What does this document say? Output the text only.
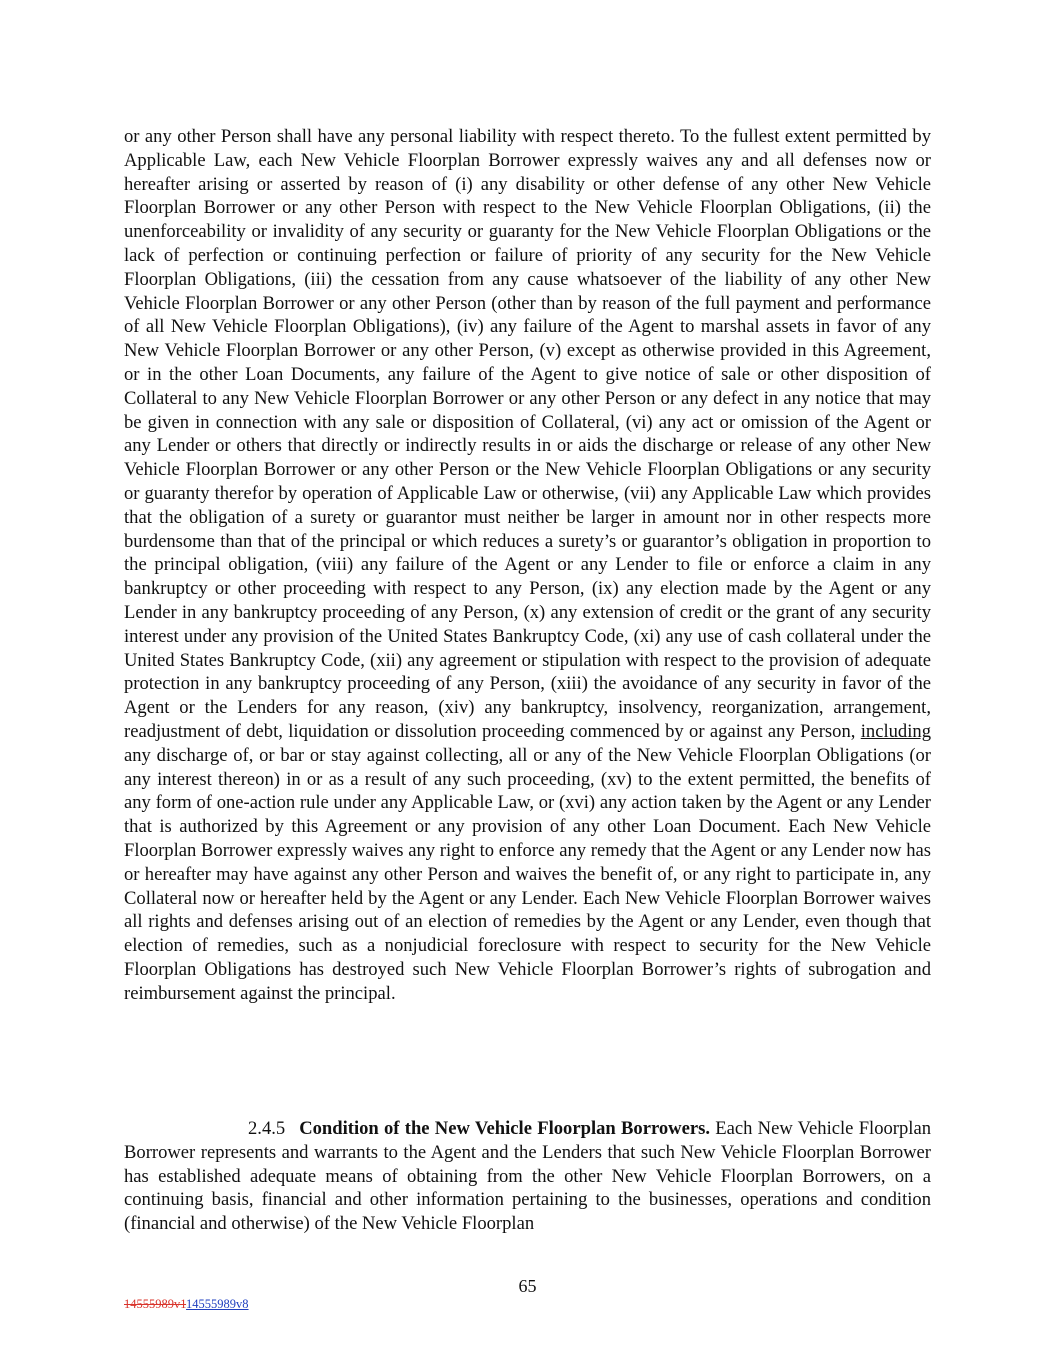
or any other Person shall have any personal liability with respect thereto. To the fullest extent permitted by Applicable Law, each New Vehicle Floorplan Borrower expressly waives any and all defenses now or hereafter arising or asserted by reason of (i) any disability or other defense of any other New Vehicle Floorplan Borrower or any other Person with respect to the New Vehicle Floorplan Obligations, (ii) the unenforceability or invalidity of any security or guaranty for the New Vehicle Floorplan Obligations or the lack of perfection or continuing perfection or failure of priority of any security for the New Vehicle Floorplan Obligations, (iii) the cessation from any cause whatsoever of the liability of any other New Vehicle Floorplan Borrower or any other Person (other than by reason of the full payment and performance of all New Vehicle Floorplan Obligations), (iv) any failure of the Agent to marshal assets in favor of any New Vehicle Floorplan Borrower or any other Person, (v) except as otherwise provided in this Agreement, or in the other Loan Documents, any failure of the Agent to give notice of sale or other disposition of Collateral to any New Vehicle Floorplan Borrower or any other Person or any defect in any notice that may be given in connection with any sale or disposition of Collateral, (vi) any act or omission of the Agent or any Lender or others that directly or indirectly results in or aids the discharge or release of any other New Vehicle Floorplan Borrower or any other Person or the New Vehicle Floorplan Obligations or any security or guaranty therefor by operation of Applicable Law or otherwise, (vii) any Applicable Law which provides that the obligation of a surety or guarantor must neither be larger in amount nor in other respects more burdensome than that of the principal or which reduces a surety’s or guarantor’s obligation in proportion to the principal obligation, (viii) any failure of the Agent or any Lender to file or enforce a claim in any bankruptcy or other proceeding with respect to any Person, (ix) any election made by the Agent or any Lender in any bankruptcy proceeding of any Person, (x) any extension of credit or the grant of any security interest under any provision of the United States Bankruptcy Code, (xi) any use of cash collateral under the United States Bankruptcy Code, (xii) any agreement or stipulation with respect to the provision of adequate protection in any bankruptcy proceeding of any Person, (xiii) the avoidance of any security in favor of the Agent or the Lenders for any reason, (xiv) any bankruptcy, insolvency, reorganization, arrangement, readjustment of debt, liquidation or dissolution proceeding commenced by or against any Person, including any discharge of, or bar or stay against collecting, all or any of the New Vehicle Floorplan Obligations (or any interest thereon) in or as a result of any such proceeding, (xv) to the extent permitted, the benefits of any form of one-action rule under any Applicable Law, or (xvi) any action taken by the Agent or any Lender that is authorized by this Agreement or any provision of any other Loan Document. Each New Vehicle Floorplan Borrower expressly waives any right to enforce any remedy that the Agent or any Lender now has or hereafter may have against any other Person and waives the benefit of, or any right to participate in, any Collateral now or hereafter held by the Agent or any Lender. Each New Vehicle Floorplan Borrower waives all rights and defenses arising out of an election of remedies by the Agent or any Lender, even though that election of remedies, such as a nonjudicial foreclosure with respect to security for the New Vehicle Floorplan Obligations has destroyed such New Vehicle Floorplan Borrower’s rights of subrogation and reimbursement against the principal.

2.4.5 Condition of the New Vehicle Floorplan Borrowers. Each New Vehicle Floorplan Borrower represents and warrants to the Agent and the Lenders that such New Vehicle Floorplan Borrower has established adequate means of obtaining from the other New Vehicle Floorplan Borrowers, on a continuing basis, financial and other information pertaining to the businesses, operations and condition (financial and otherwise) of the New Vehicle Floorplan

65
14555989v114555989v8
